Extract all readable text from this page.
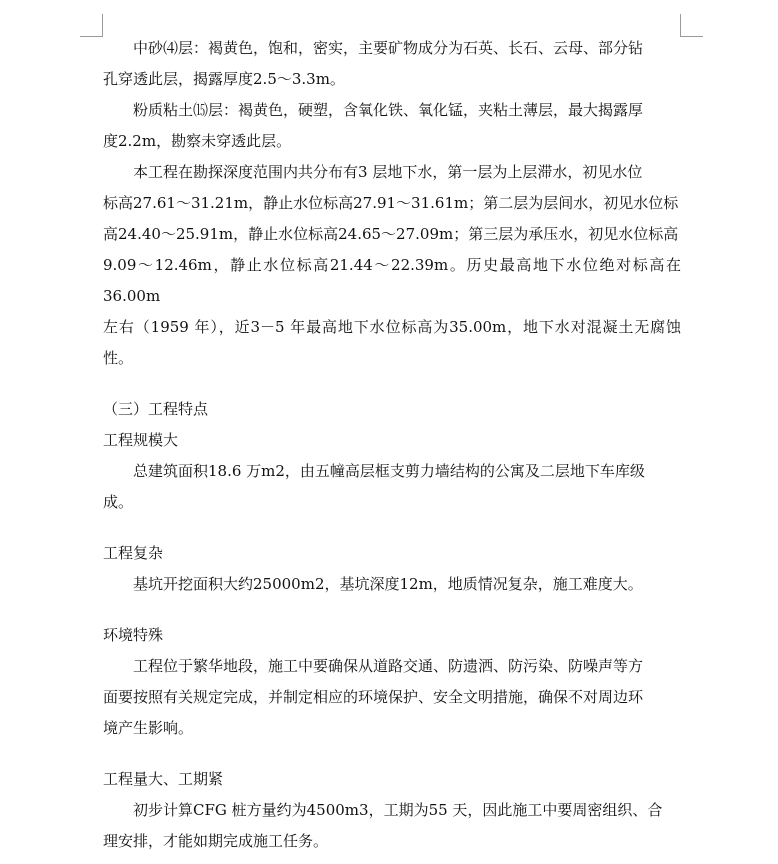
中砂⑷层：褐黄色，饱和，密实，主要矿物成分为石英、长石、云母、部分钻
孔穿透此层，揭露厚度2.5～3.3m。

粉质粘土⒂层：褐黄色，硬塑，含氧化铁、氧化锰，夹粘土薄层，最大揭露厚
度2.2m，勘察未穿透此层。

本工程在勘探深度范围内共分布有3 层地下水，第一层为上层滞水，初见水位
标高27.61～31.21m，静止水位标高27.91～31.61m；第二层为层间水，初见水位标
高24.40～25.91m，静止水位标高24.65～27.09m；第三层为承压水，初见水位标高
9.09～12.46m，静止水位标高21.44～22.39m。历史最高地下水位绝对标高在36.00m
左右（1959 年），近3－5 年最高地下水位标高为35.00m，地下水对混凝土无腐蚀性。

（三）工程特点

工程规模大

总建筑面积18.6 万m2，由五幢高层框支剪力墙结构的公寓及二层地下车库级
成。

工程复杂

基坑开挖面积大约25000m2，基坑深度12m，地质情况复杂，施工难度大。

环境特殊

工程位于繁华地段，施工中要确保从道路交通、防遗洒、防污染、防噪声等方
面要按照有关规定完成，并制定相应的环境保护、安全文明措施，确保不对周边环
境产生影响。

工程量大、工期紧

初步计算CFG 桩方量约为4500m3，工期为55 天，因此施工中要周密组织、合
理安排，才能如期完成施工任务。
